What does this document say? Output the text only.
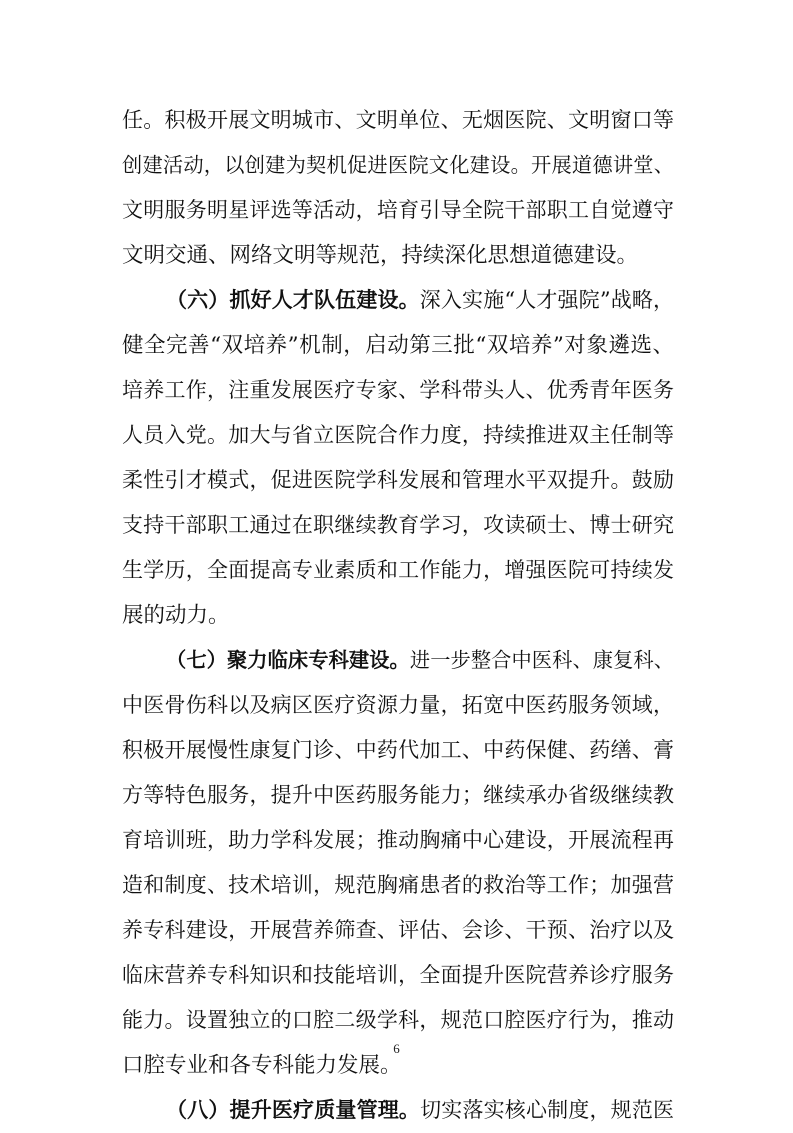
任。积极开展文明城市、文明单位、无烟医院、文明窗口等
创建活动，以创建为契机促进医院文化建设。开展道德讲堂、
文明服务明星评选等活动，培育引导全院干部职工自觉遵守
文明交通、网络文明等规范，持续深化思想道德建设。
（六）抓好人才队伍建设。深入实施“人才强院”战略，
健全完善“双培养”机制，启动第三批“双培养”对象遴选、
培养工作，注重发展医疗专家、学科带头人、优秀青年医务
人员入党。加大与省立医院合作力度，持续推进双主任制等
柔性引才模式，促进医院学科发展和管理水平双提升。鼓励
支持干部职工通过在职继续教育学习，攻读硕士、博士研究
生学历，全面提高专业素质和工作能力，增强医院可持续发
展的动力。
（七）聚力临床专科建设。进一步整合中医科、康复科、
中医骨伤科以及病区医疗资源力量，拓宽中医药服务领域，
积极开展慢性康复门诊、中药代加工、中药保健、药缮、膏
方等特色服务，提升中医药服务能力；继续承办省级继续教
育培训班，助力学科发展；推动胸痛中心建设，开展流程再
造和制度、技术培训，规范胸痛患者的救治等工作；加强营
养专科建设，开展营养筛查、评估、会诊、干预、治疗以及
临床营养专科知识和技能培训，全面提升医院营养诊疗服务
能力。设置独立的口腔二级学科，规范口腔医疗行为，推动
口腔专业和各专科能力发展。
（八）提升医疗质量管理。切实落实核心制度，规范医
6
